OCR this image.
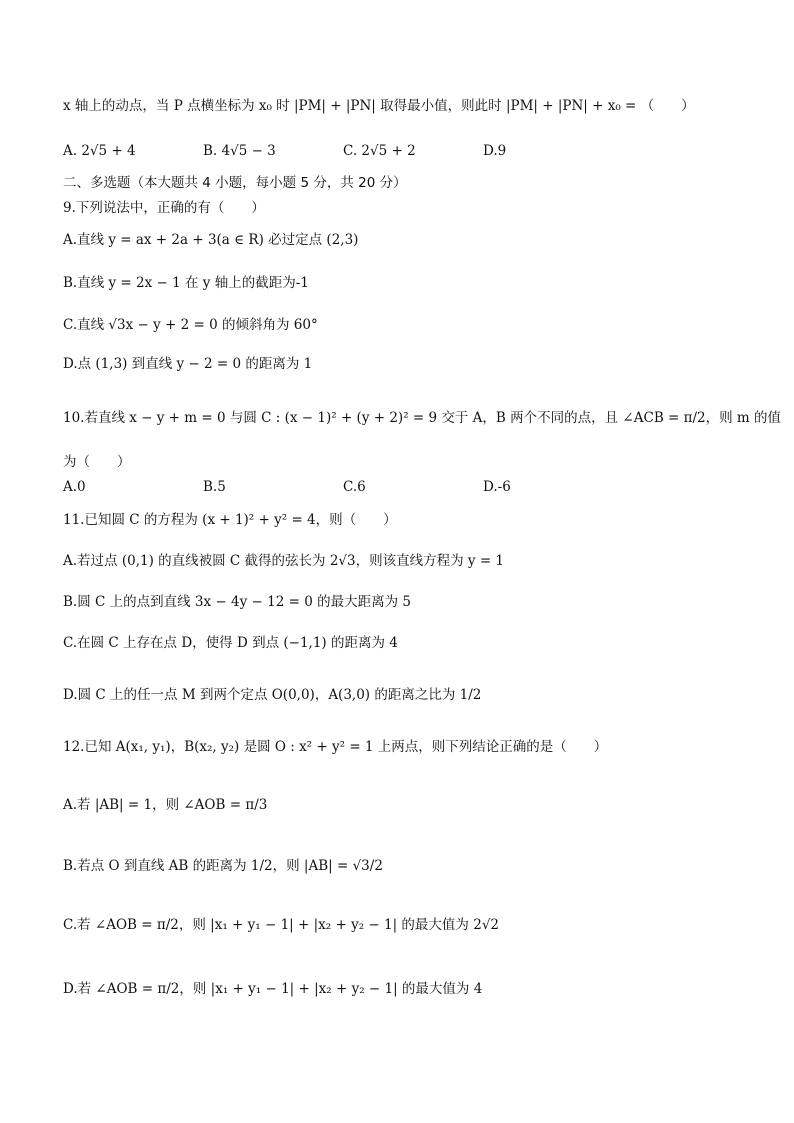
x 轴上的动点，当 P 点横坐标为 x₀ 时 |PM| + |PN| 取得最小值，则此时 |PM| + |PN| + x₀ = （　　）
A. 2√5 + 4	B. 4√5 − 3	C. 2√5 + 2	D.9
二、多选题（本大题共 4 小题，每小题 5 分，共 20 分）
9.下列说法中，正确的有（　　）
A.直线 y = ax + 2a + 3(a ∈ R) 必过定点 (2,3)
B.直线 y = 2x − 1 在 y 轴上的截距为-1
C.直线 √3x − y + 2 = 0 的倾斜角为 60°
D.点 (1,3) 到直线 y − 2 = 0 的距离为 1
10.若直线 x − y + m = 0 与圆 C : (x − 1)² + (y + 2)² = 9 交于 A，B 两个不同的点，且 ∠ACB = π/2，则 m 的值
为（　　）
A.0	B.5	C.6	D.-6
11.已知圆 C 的方程为 (x + 1)² + y² = 4，则（　　）
A.若过点 (0,1) 的直线被圆 C 截得的弦长为 2√3，则该直线方程为 y = 1
B.圆 C 上的点到直线 3x − 4y − 12 = 0 的最大距离为 5
C.在圆 C 上存在点 D，使得 D 到点 (−1,1) 的距离为 4
D.圆 C 上的任一点 M 到两个定点 O(0,0)，A(3,0) 的距离之比为 1/2
12.已知 A(x₁, y₁)，B(x₂, y₂) 是圆 O : x² + y² = 1 上两点，则下列结论正确的是（　　）
A.若 |AB| = 1，则 ∠AOB = π/3
B.若点 O 到直线 AB 的距离为 1/2，则 |AB| = √3/2
C.若 ∠AOB = π/2，则 |x₁ + y₁ − 1| + |x₂ + y₂ − 1| 的最大值为 2√2
D.若 ∠AOB = π/2，则 |x₁ + y₁ − 1| + |x₂ + y₂ − 1| 的最大值为 4
